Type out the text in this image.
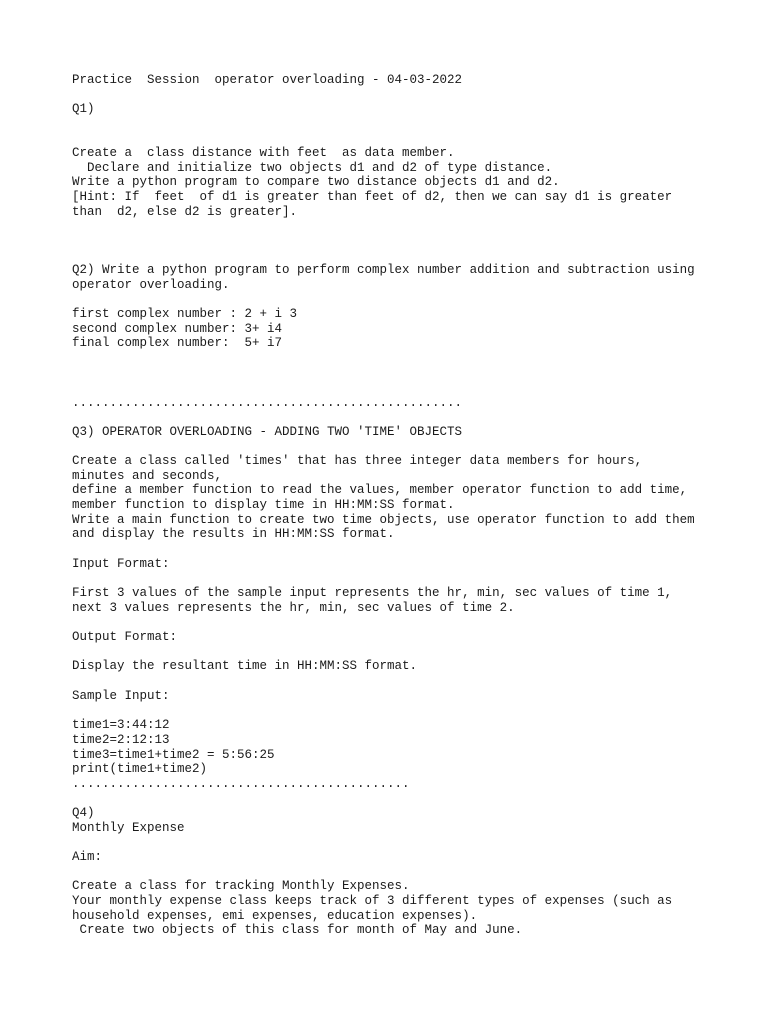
Practice  Session  operator overloading - 04-03-2022

Q1)

Create a  class distance with feet  as data member.

Declare and initialize two objects d1 and d2 of type distance.

Write a python program to compare two distance objects d1 and d2.

[Hint: If  feet  of d1 is greater than feet of d2, then we can say d1 is greater

than  d2, else d2 is greater].

Q2) Write a python program to perform complex number addition and subtraction using

operator overloading.

first complex number : 2 + i 3

second complex number: 3+ i4

final complex number:  5+ i7

....................................................

Q3) OPERATOR OVERLOADING - ADDING TWO 'TIME' OBJECTS

Create a class called 'times' that has three integer data members for hours,

minutes and seconds,

define a member function to read the values, member operator function to add time,

member function to display time in HH:MM:SS format.

Write a main function to create two time objects, use operator function to add them

and display the results in HH:MM:SS format.

Input Format:

First 3 values of the sample input represents the hr, min, sec values of time 1,

next 3 values represents the hr, min, sec values of time 2.

Output Format:

Display the resultant time in HH:MM:SS format.

Sample Input:

time1=3:44:12

time2=2:12:13

time3=time1+time2 = 5:56:25

print(time1+time2)

.............................................

Q4)

Monthly Expense

Aim:

Create a class for tracking Monthly Expenses.

Your monthly expense class keeps track of 3 different types of expenses (such as

household expenses, emi expenses, education expenses).

Create two objects of this class for month of May and June.
